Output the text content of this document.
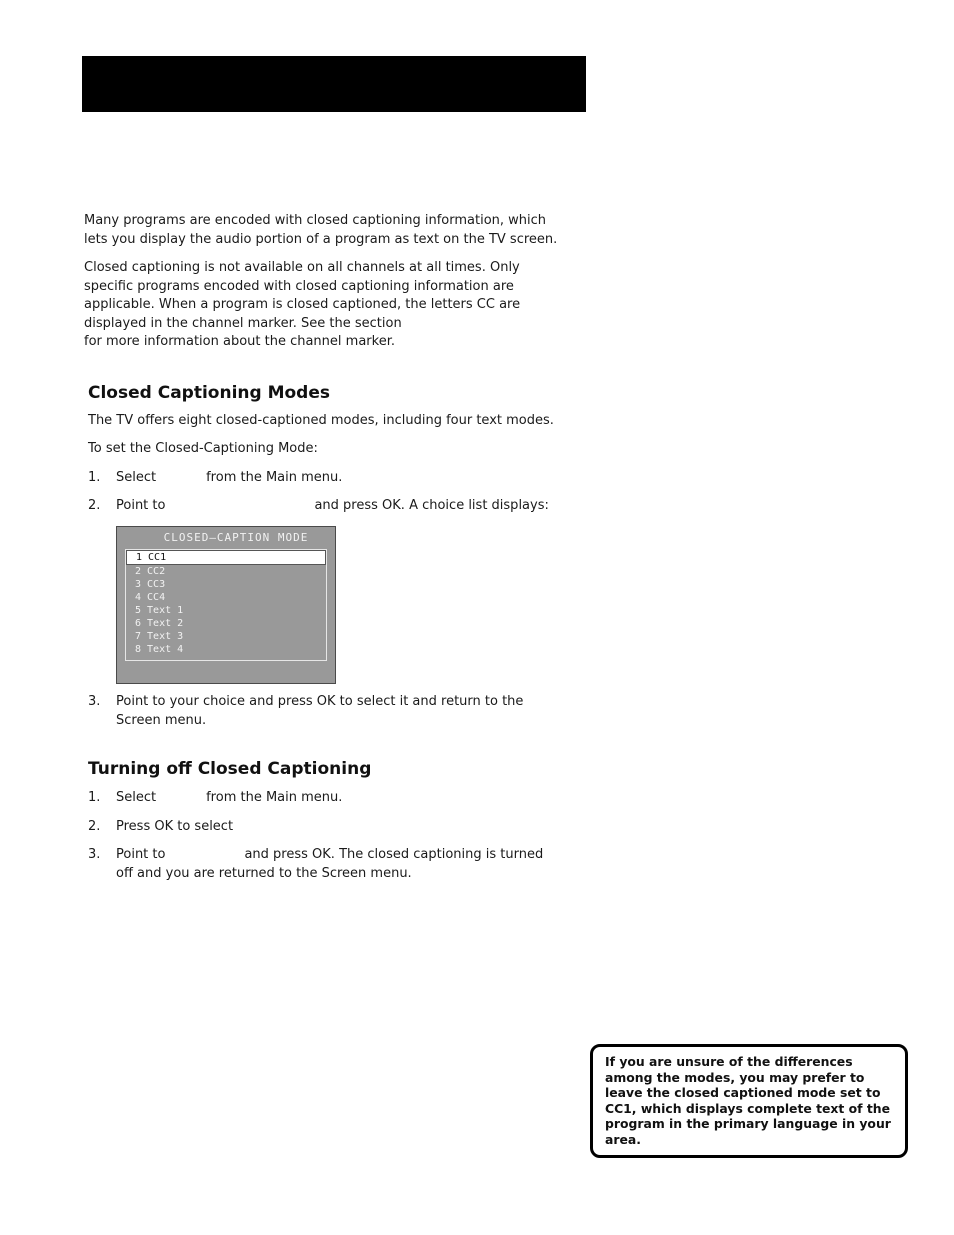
Many programs are encoded with closed captioning information, which lets you display the audio portion of a program as text on the TV screen.

Closed captioning is not available on all channels at all times. Only specific programs encoded with closed captioning information are applicable. When a program is closed captioned, the letters CC are displayed in the channel marker. See the section
for more information about the channel marker.
Closed Captioning Modes

The TV offers eight closed-captioned modes, including four text modes.

To set the Closed-Captioning Mode:

1. Select	from the Main menu.
2. Point to	and press OK. A choice list displays:
CLOSED–CAPTION MODE
1 CC1
2 CC2
3 CC3
4 CC4
5 Text 1
6 Text 2
7 Text 3
8 Text 4
3. Point to your choice and press OK to select it and return to the Screen menu.
Turning off Closed Captioning
1. Select	from the Main menu.
2. Press OK to select
3. Point to	and press OK. The closed captioning is turned off and you are returned to the Screen menu.
If you are unsure of the differences among the modes, you may prefer to leave the closed captioned mode set to CC1, which displays complete text of the program in the primary language in your area.
